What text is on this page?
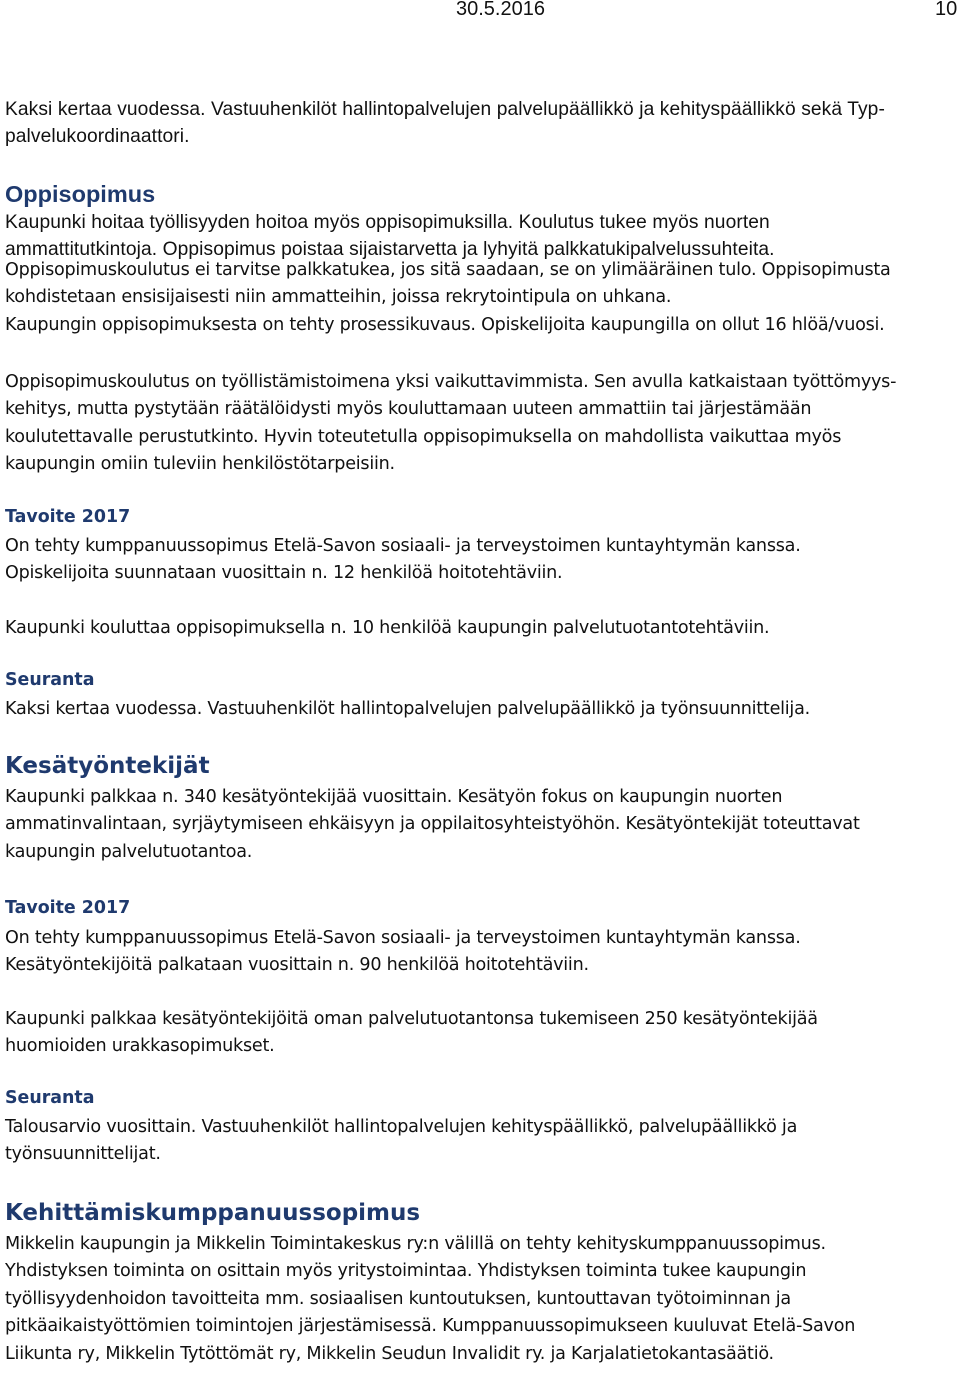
30.5.2016	10

Kaksi kertaa vuodessa. Vastuuhenkilöt hallintopalvelujen palvelupäällikkö ja kehityspäällikkö sekä Typ-
palvelukoordinaattori.

Oppisopimus

Kaupunki hoitaa työllisyyden hoitoa myös oppisopimuksilla. Koulutus tukee myös nuorten
ammattitutkintoja. Oppisopimus poistaa sijaistarvetta ja lyhyitä palkkatukipalvelussuhteita.

Oppisopimuskoulutus ei tarvitse palkkatukea, jos sitä saadaan, se on ylimääräinen tulo. Oppisopimusta
kohdistetaan ensisijaisesti niin ammatteihin, joissa rekrytointipula on uhkana.
Kaupungin oppisopimuksesta on tehty prosessikuvaus. Opiskelijoita kaupungilla on ollut 16 hlöä/vuosi.

Oppisopimuskoulutus on työllistämistoimena yksi vaikuttavimmista. Sen avulla katkaistaan työttömyys-
kehitys, mutta pystytään räätälöidysti myös kouluttamaan uuteen ammattiin tai järjestämään
koulutettavalle perustutkinto. Hyvin toteutetulla oppisopimuksella on mahdollista vaikuttaa myös
kaupungin omiin tuleviin henkilöstötarpeisiin.

Tavoite 2017

On tehty kumppanuussopimus Etelä-Savon sosiaali- ja terveystoimen kuntayhtymän kanssa.
Opiskelijoita suunnataan vuosittain n. 12 henkilöä hoitotehtäviin.

Kaupunki kouluttaa oppisopimuksella n. 10 henkilöä kaupungin palvelutuotantotehtäviin.

Seuranta

Kaksi kertaa vuodessa. Vastuuhenkilöt hallintopalvelujen palvelupäällikkö ja työnsuunnittelija.

Kesätyöntekijät

Kaupunki palkkaa n. 340 kesätyöntekijää vuosittain. Kesätyön fokus on kaupungin nuorten
ammatinvalintaan, syrjäytymiseen ehkäisyyn ja oppilaitosyhteistyöhön. Kesätyöntekijät toteuttavat
kaupungin palvelutuotantoa.

Tavoite 2017

On tehty kumppanuussopimus Etelä-Savon sosiaali- ja terveystoimen kuntayhtymän kanssa.
Kesätyöntekijöitä palkataan vuosittain n. 90 henkilöä hoitotehtäviin.

Kaupunki palkkaa kesätyöntekijöitä oman palvelutuotantonsa tukemiseen 250 kesätyöntekijää
huomioiden urakkasopimukset.

Seuranta

Talousarvio vuosittain. Vastuuhenkilöt hallintopalvelujen kehityspäällikkö, palvelupäällikkö ja
työnsuunnittelijat.

Kehittämiskumppanuussopimus

Mikkelin kaupungin ja Mikkelin Toimintakeskus ry:n välillä on tehty kehityskumppanuussopimus.
Yhdistyksen toiminta on osittain myös yritystoimintaa. Yhdistyksen toiminta tukee kaupungin
työllisyydenhoidon tavoitteita mm. sosiaalisen kuntoutuksen, kuntouttavan työtoiminnan ja
pitkäaikaistyöttömien toimintojen järjestämisessä. Kumppanuussopimukseen kuuluvat Etelä-Savon
Liikunta ry, Mikkelin Tytöttömät ry, Mikkelin Seudun Invalidit ry. ja Karjalatietokantasäätiö.
